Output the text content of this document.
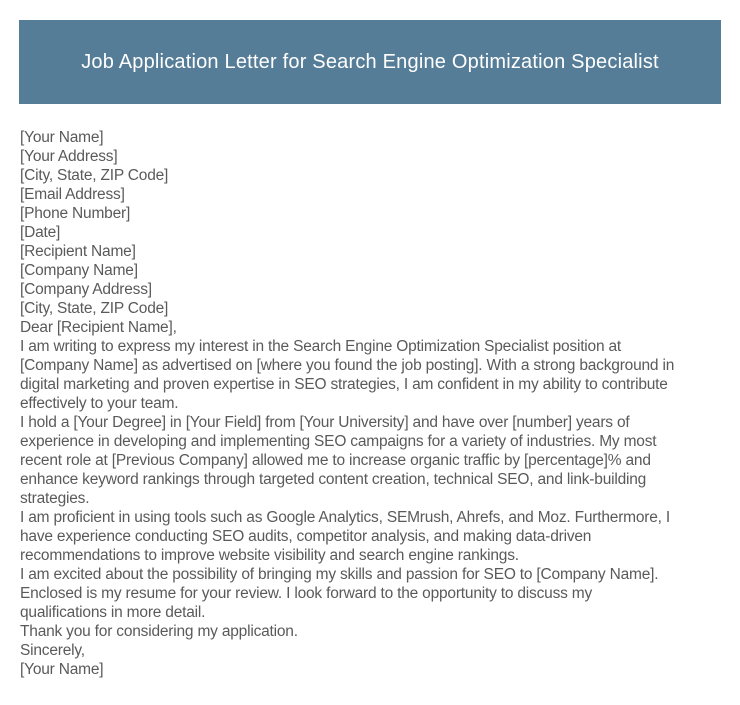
Job Application Letter for Search Engine Optimization Specialist
[Your Name]
[Your Address]
[City, State, ZIP Code]
[Email Address]
[Phone Number]
[Date]
[Recipient Name]
[Company Name]
[Company Address]
[City, State, ZIP Code]
Dear [Recipient Name],
I am writing to express my interest in the Search Engine Optimization Specialist position at
[Company Name] as advertised on [where you found the job posting]. With a strong background in
digital marketing and proven expertise in SEO strategies, I am confident in my ability to contribute
effectively to your team.
I hold a [Your Degree] in [Your Field] from [Your University] and have over [number] years of
experience in developing and implementing SEO campaigns for a variety of industries. My most
recent role at [Previous Company] allowed me to increase organic traffic by [percentage]% and
enhance keyword rankings through targeted content creation, technical SEO, and link-building
strategies.
I am proficient in using tools such as Google Analytics, SEMrush, Ahrefs, and Moz. Furthermore, I
have experience conducting SEO audits, competitor analysis, and making data-driven
recommendations to improve website visibility and search engine rankings.
I am excited about the possibility of bringing my skills and passion for SEO to [Company Name].
Enclosed is my resume for your review. I look forward to the opportunity to discuss my
qualifications in more detail.
Thank you for considering my application.
Sincerely,
[Your Name]
